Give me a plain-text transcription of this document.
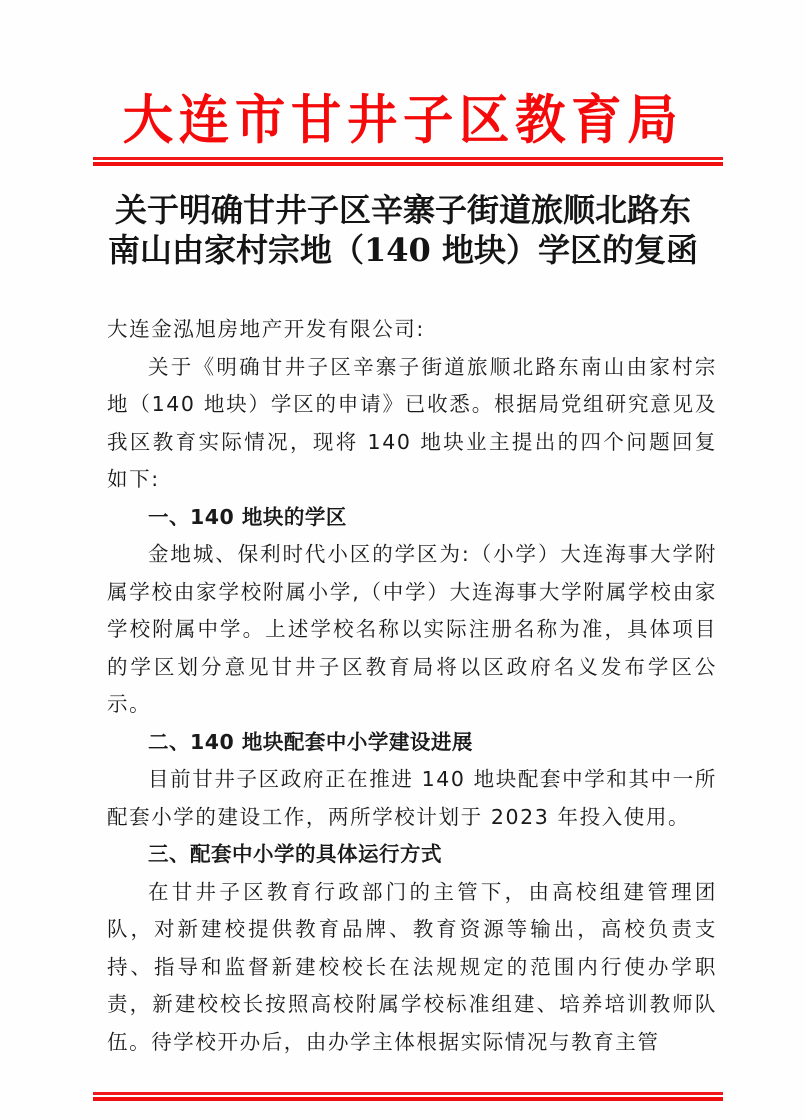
大连市甘井子区教育局
关于明确甘井子区辛寨子街道旅顺北路东
南山由家村宗地（140 地块）学区的复函

大连金泓旭房地产开发有限公司:

关于《明确甘井子区辛寨子街道旅顺北路东南山由家村宗地（140 地块）学区的申请》已收悉。根据局党组研究意见及我区教育实际情况，现将 140 地块业主提出的四个问题回复如下:

一、140 地块的学区

金地城、保利时代小区的学区为:（小学）大连海事大学附属学校由家学校附属小学,（中学）大连海事大学附属学校由家学校附属中学。上述学校名称以实际注册名称为准，具体项目的学区划分意见甘井子区教育局将以区政府名义发布学区公示。

二、140 地块配套中小学建设进展

目前甘井子区政府正在推进 140 地块配套中学和其中一所配套小学的建设工作，两所学校计划于 2023 年投入使用。

三、配套中小学的具体运行方式

在甘井子区教育行政部门的主管下，由高校组建管理团队，对新建校提供教育品牌、教育资源等输出，高校负责支持、指导和监督新建校校长在法规规定的范围内行使办学职责，新建校校长按照高校附属学校标准组建、培养培训教师队伍。待学校开办后，由办学主体根据实际情况与教育主管
